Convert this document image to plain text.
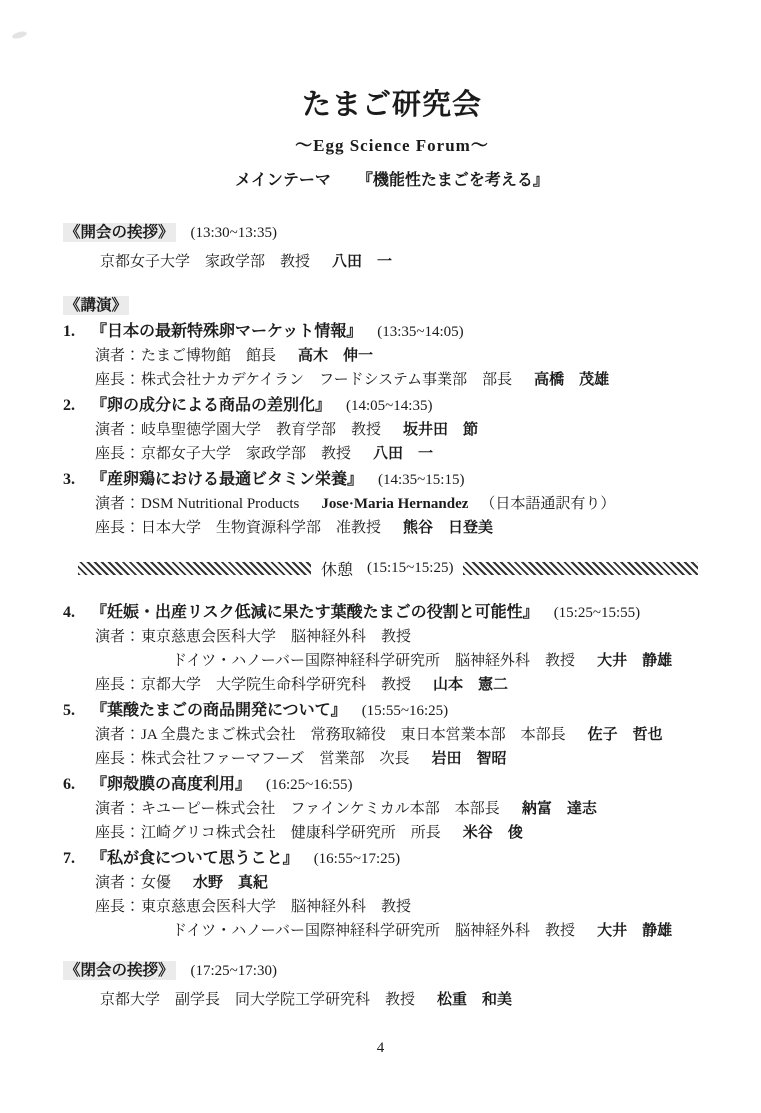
たまご研究会
〜Egg Science Forum〜
メインテーマ 『機能性たまごを考える』
《開会の挨拶》 (13:30~13:35)
京都女子大学　家政学部　教授 八田　一
《講演》
1. 『日本の最新特殊卵マーケット情報』 (13:35~14:05)
演者：たまご博物館　館長 高木　伸一
座長：株式会社ナカデケイラン　フードシステム事業部　部長 高橋　茂雄
2. 『卵の成分による商品の差別化』 (14:05~14:35)
演者：岐阜聖徳学園大学　教育学部　教授 坂井田　節
座長：京都女子大学　家政学部　教授 八田　一
3. 『産卵鶏における最適ビタミン栄養』 (14:35~15:15)
演者：DSM Nutritional Products Jose·Maria Hernandez （日本語通訳有り）
座長：日本大学　生物資源科学部　准教授 熊谷　日登美
休憩 (15:15~15:25)
4. 『妊娠・出産リスク低減に果たす葉酸たまごの役割と可能性』 (15:25~15:55)
演者：東京慈恵会医科大学　脳神経外科　教授
ドイツ・ハノーバー国際神経科学研究所　脳神経外科　教授 大井　静雄
座長：京都大学　大学院生命科学研究科　教授 山本　憲二
5. 『葉酸たまごの商品開発について』 (15:55~16:25)
演者：JA 全農たまご株式会社　常務取締役　東日本営業本部　本部長 佐子　哲也
座長：株式会社ファーマフーズ　営業部　次長 岩田　智昭
6. 『卵殻膜の高度利用』 (16:25~16:55)
演者：キユーピー株式会社　ファインケミカル本部　本部長 納富　達志
座長：江崎グリコ株式会社　健康科学研究所　所長 米谷　俊
7. 『私が食について思うこと』 (16:55~17:25)
演者：女優 水野　真紀
座長：東京慈恵会医科大学　脳神経外科　教授
ドイツ・ハノーバー国際神経科学研究所　脳神経外科　教授 大井　静雄
《閉会の挨拶》 (17:25~17:30)
京都大学　副学長　同大学院工学研究科　教授 松重　和美
4
